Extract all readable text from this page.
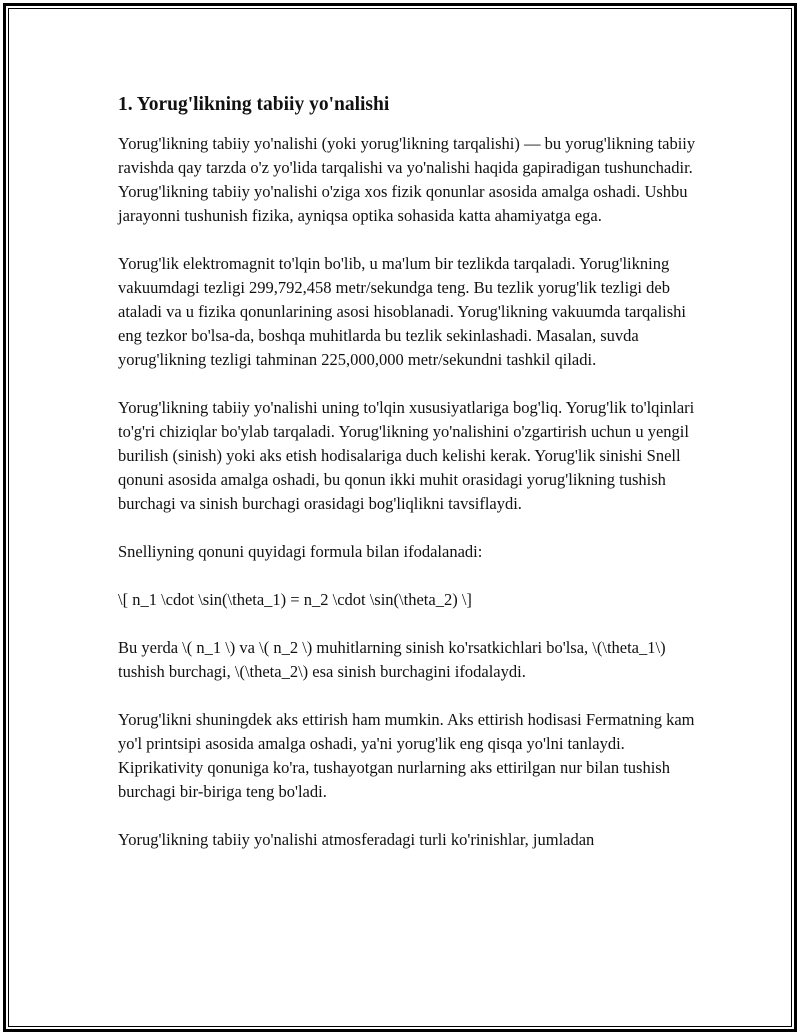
1. Yorug'likning tabiiy yo'nalishi

Yorug'likning tabiiy yo'nalishi (yoki yorug'likning tarqalishi) — bu yorug'likning tabiiy ravishda qay tarzda o'z yo'lida tarqalishi va yo'nalishi haqida gapiradigan tushunchadir. Yorug'likning tabiiy yo'nalishi o'ziga xos fizik qonunlar asosida amalga oshadi. Ushbu jarayonni tushunish fizika, ayniqsa optika sohasida katta ahamiyatga ega.

Yorug'lik elektromagnit to'lqin bo'lib, u ma'lum bir tezlikda tarqaladi. Yorug'likning vakuumdagi tezligi 299,792,458 metr/sekundga teng. Bu tezlik yorug'lik tezligi deb ataladi va u fizika qonunlarining asosi hisoblanadi. Yorug'likning vakuumda tarqalishi eng tezkor bo'lsa-da, boshqa muhitlarda bu tezlik sekinlashadi. Masalan, suvda yorug'likning tezligi tahminan 225,000,000 metr/sekundni tashkil qiladi.

Yorug'likning tabiiy yo'nalishi uning to'lqin xususiyatlariga bog'liq. Yorug'lik to'lqinlari to'g'ri chiziqlar bo'ylab tarqaladi. Yorug'likning yo'nalishini o'zgartirish uchun u yengil burilish (sinish) yoki aks etish hodisalariga duch kelishi kerak. Yorug'lik sinishi Snell qonuni asosida amalga oshadi, bu qonun ikki muhit orasidagi yorug'likning tushish burchagi va sinish burchagi orasidagi bog'liqlikni tavsiflaydi.

Snelliyning qonuni quyidagi formula bilan ifodalanadi:

\[ n_1 \cdot \sin(\theta_1) = n_2 \cdot \sin(\theta_2) \]

Bu yerda \( n_1 \) va \( n_2 \) muhitlarning sinish ko'rsatkichlari bo'lsa, \(\theta_1\) tushish burchagi, \(\theta_2\) esa sinish burchagini ifodalaydi.

Yorug'likni shuningdek aks ettirish ham mumkin. Aks ettirish hodisasi Fermatning kam yo'l printsipi asosida amalga oshadi, ya'ni yorug'lik eng qisqa yo'lni tanlaydi. Kiprikativity qonuniga ko'ra, tushayotgan nurlarning aks ettirilgan nur bilan tushish burchagi bir-biriga teng bo'ladi.

Yorug'likning tabiiy yo'nalishi atmosferadagi turli ko'rinishlar, jumladan
